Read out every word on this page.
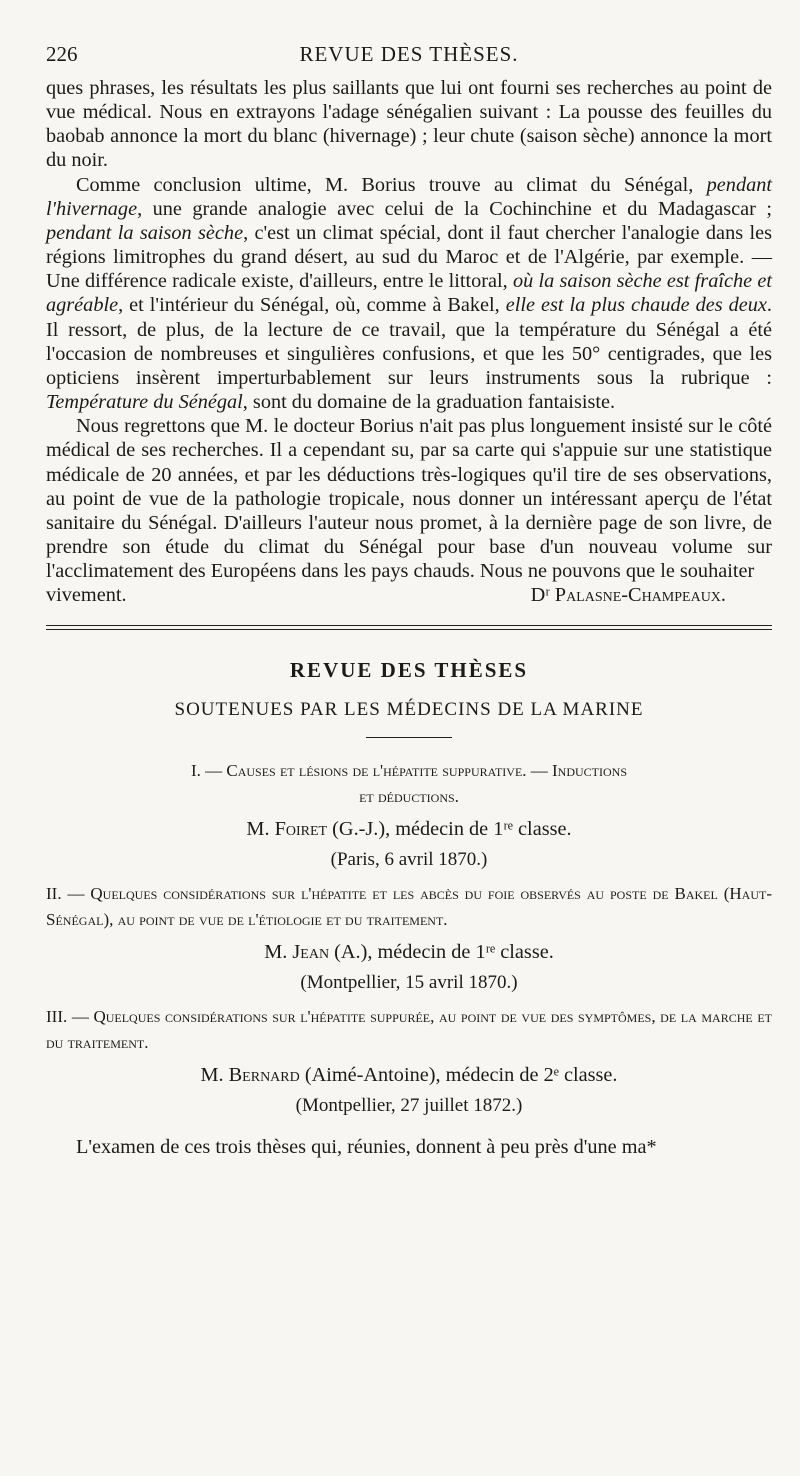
226	REVUE DES THÈSES.

ques phrases, les résultats les plus saillants que lui ont fourni ses recherches au point de vue médical. Nous en extrayons l'adage sénégalien suivant : La pousse des feuilles du baobab annonce la mort du blanc (hivernage) ; leur chute (saison sèche) annonce la mort du noir.

Comme conclusion ultime, M. Borius trouve au climat du Sénégal, pendant l'hivernage, une grande analogie avec celui de la Cochinchine et du Madagascar ; pendant la saison sèche, c'est un climat spécial, dont il faut chercher l'analogie dans les régions limitrophes du grand désert, au sud du Maroc et de l'Algérie, par exemple. — Une différence radicale existe, d'ailleurs, entre le littoral, où la saison sèche est fraîche et agréable, et l'intérieur du Sénégal, où, comme à Bakel, elle est la plus chaude des deux. Il ressort, de plus, de la lecture de ce travail, que la température du Sénégal a été l'occasion de nombreuses et singulières confusions, et que les 50° centigrades, que les opticiens insèrent imperturbablement sur leurs instruments sous la rubrique : Température du Sénégal, sont du domaine de la graduation fantaisiste.

Nous regrettons que M. le docteur Borius n'ait pas plus longuement insisté sur le côté médical de ses recherches. Il a cependant su, par sa carte qui s'appuie sur une statistique médicale de 20 années, et par les déductions très-logiques qu'il tire de ses observations, au point de vue de la pathologie tropicale, nous donner un intéressant aperçu de l'état sanitaire du Sénégal. D'ailleurs l'auteur nous promet, à la dernière page de son livre, de prendre son étude du climat du Sénégal pour base d'un nouveau volume sur l'acclimatement des Européens dans les pays chauds. Nous ne pouvons que le souhaiter

vivement.	Dʳ Palasne-Champeaux.
REVUE DES THÈSES
SOUTENUES PAR LES MÉDECINS DE LA MARINE

I. — Causes et lésions de l'hépatite suppurative. — Inductions
et déductions.

M. Foiret (G.-J.), médecin de 1ʳᵉ classe.
(Paris, 6 avril 1870.)

II. — Quelques considérations sur l'hépatite et les abcès du foie observés au poste de Bakel (Haut-Sénégal), au point de vue de l'étiologie et du traitement.

M. Jean (A.), médecin de 1ʳᵉ classe.
(Montpellier, 15 avril 1870.)

III. — Quelques considérations sur l'hépatite suppurée, au point de vue des symptômes, de la marche et du traitement.

M. Bernard (Aimé-Antoine), médecin de 2ᵉ classe.
(Montpellier, 27 juillet 1872.)

L'examen de ces trois thèses qui, réunies, donnent à peu près d'une ma*
